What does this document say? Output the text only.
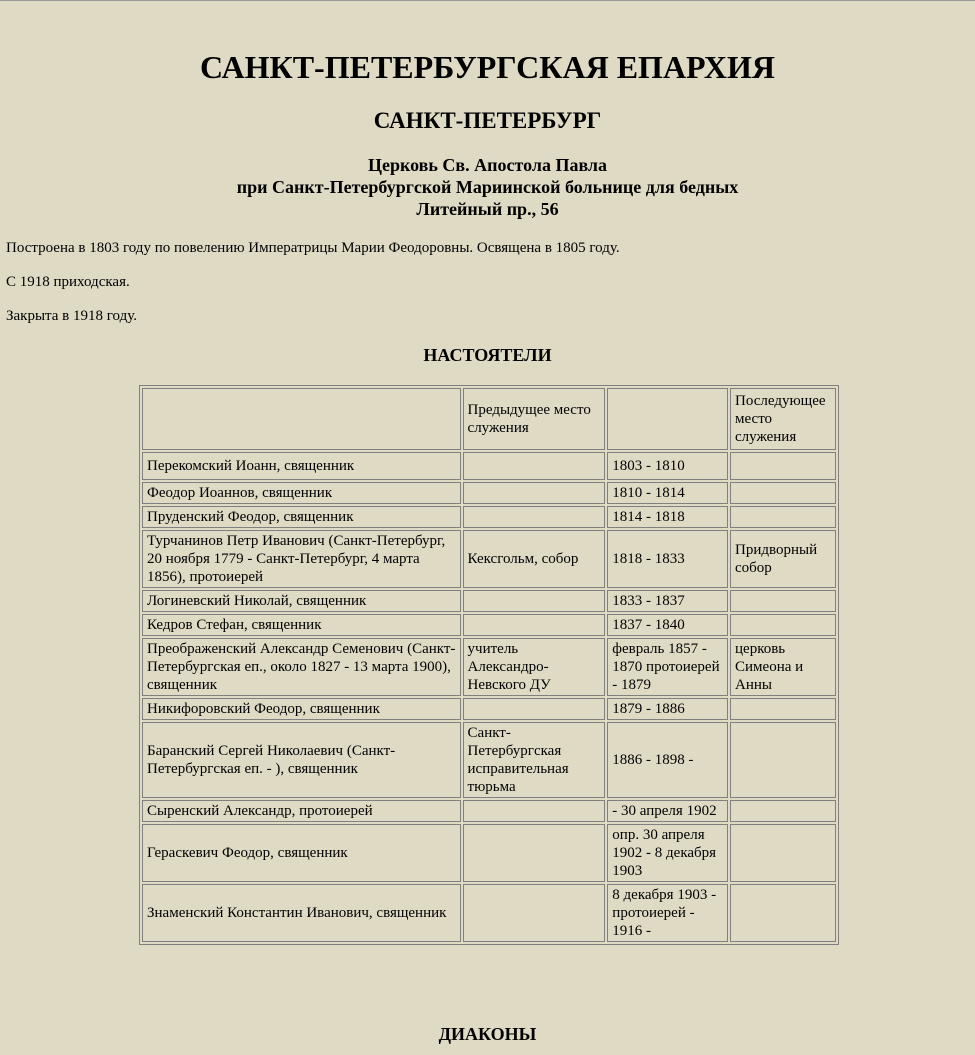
САНКТ-ПЕТЕРБУРГСКАЯ ЕПАРХИЯ
САНКТ-ПЕТЕРБУРГ
Церковь Св. Апостола Павла
при Санкт-Петербургской Мариинской больнице для бедных
Литейный пр., 56

Построена в 1803 году по повелению Императрицы Марии Феодоровны. Освящена в 1805 году.

С 1918 приходская.

Закрыта в 1918 году.

НАСТОЯТЕЛИ
	Предыдущее место служения		Последующее место служения
Перекомский Иоанн, священник		1803 - 1810	
Феодор Иоаннов, священник		1810 - 1814	
Пруденский Феодор, священник		1814 - 1818	
Турчанинов Петр Иванович (Санкт-Петербург, 20 ноября 1779 - Санкт-Петербург, 4 марта 1856), протоиерей	Кексгольм, собор	1818 - 1833	Придворный собор
Логиневский Николай, священник		1833 - 1837	
Кедров Стефан, священник		1837 - 1840	
Преображенский Александр Семенович (Санкт-Петербургская еп., около 1827 - 13 марта 1900), священник	учитель Александро-Невского ДУ	февраль 1857 - 1870 протоиерей - 1879	церковь Симеона и Анны
Никифоровский Феодор, священник		1879 - 1886	
Баранский Сергей Николаевич (Санкт-Петербургская еп. - ), священник	Санкт-Петербургская исправительная тюрьма	1886 - 1898 -	
Сыренский Александр, протоиерей		- 30 апреля 1902	
Гераскевич Феодор, священник		опр. 30 апреля 1902 - 8 декабря 1903	
Знаменский Константин Иванович, священник		8 декабря 1903 - протоиерей - 1916 -	
ДИАКОНЫ
